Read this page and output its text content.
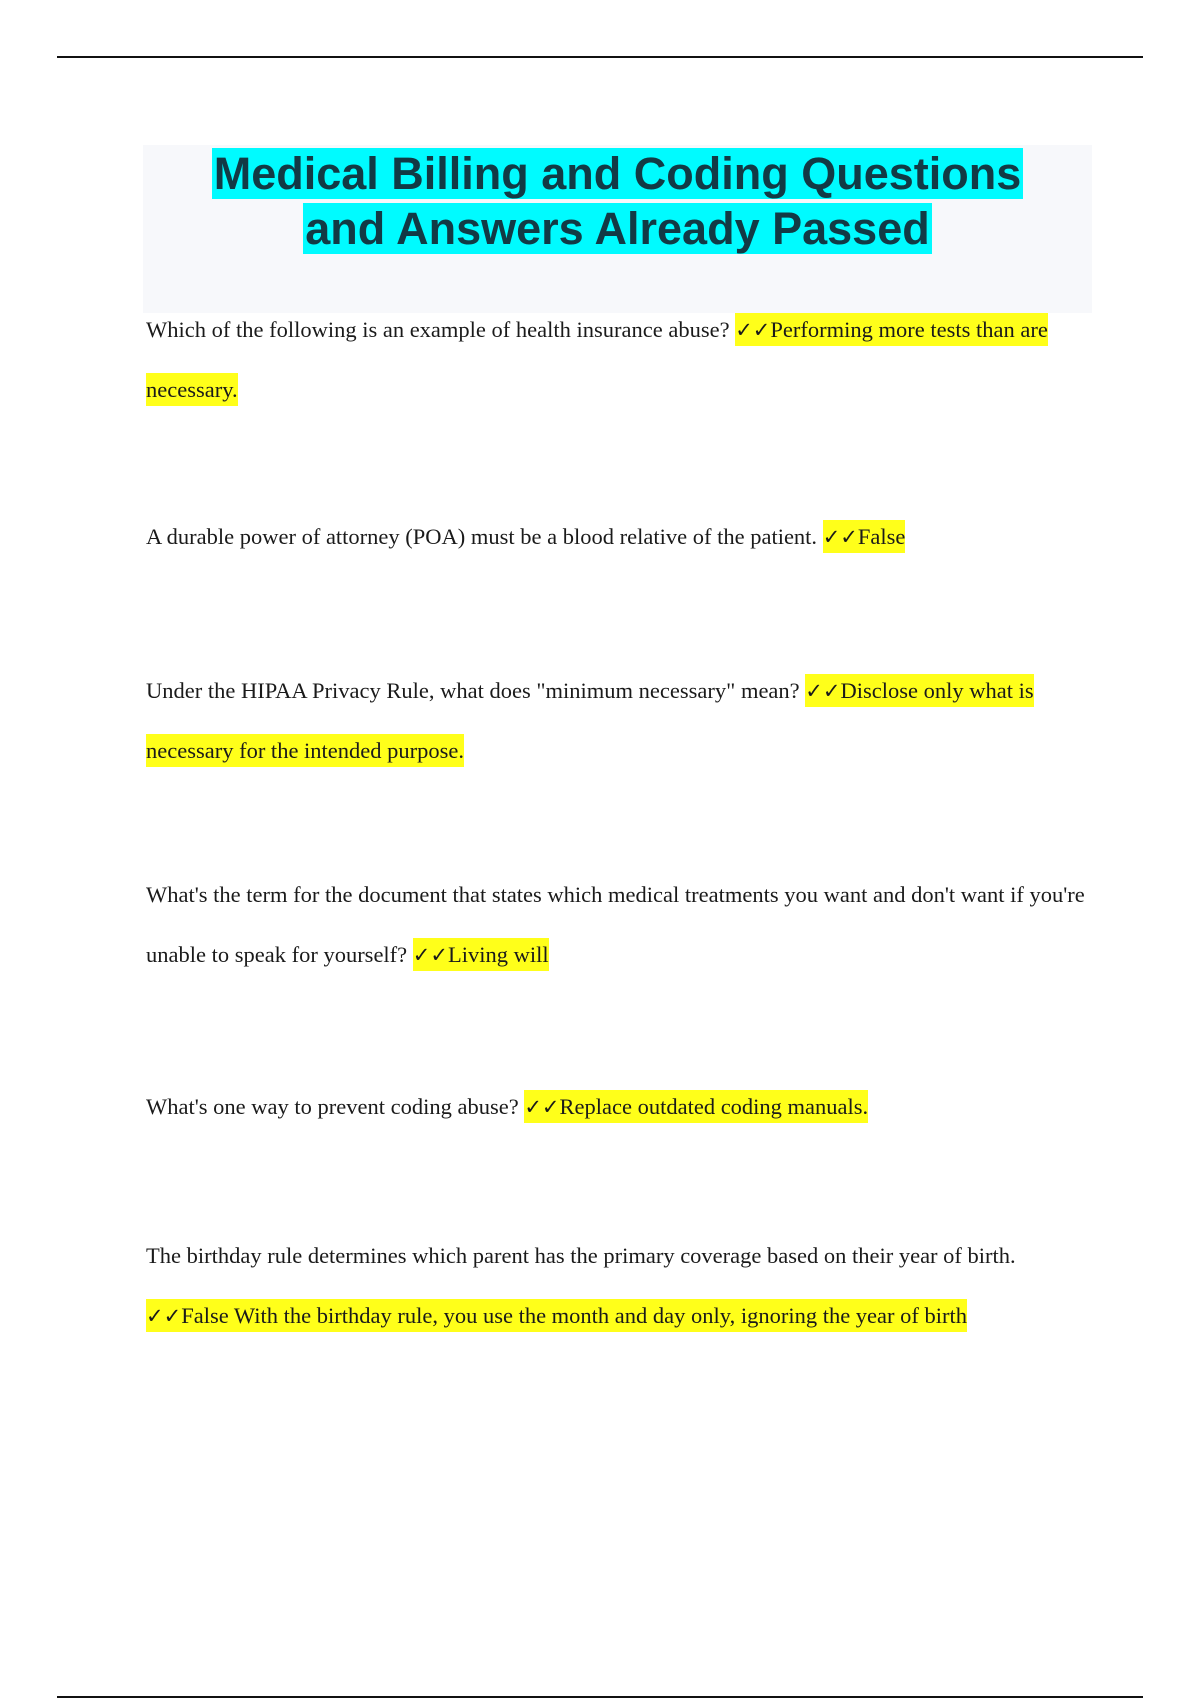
Medical Billing and Coding Questions
and Answers Already Passed
Which of the following is an example of health insurance abuse? ✓✓Performing more tests than are necessary.
A durable power of attorney (POA) must be a blood relative of the patient. ✓✓False
Under the HIPAA Privacy Rule, what does "minimum necessary" mean? ✓✓Disclose only what is necessary for the intended purpose.
What's the term for the document that states which medical treatments you want and don't want if you're unable to speak for yourself? ✓✓Living will
What's one way to prevent coding abuse? ✓✓Replace outdated coding manuals.
The birthday rule determines which parent has the primary coverage based on their year of birth. ✓✓False With the birthday rule, you use the month and day only, ignoring the year of birth
